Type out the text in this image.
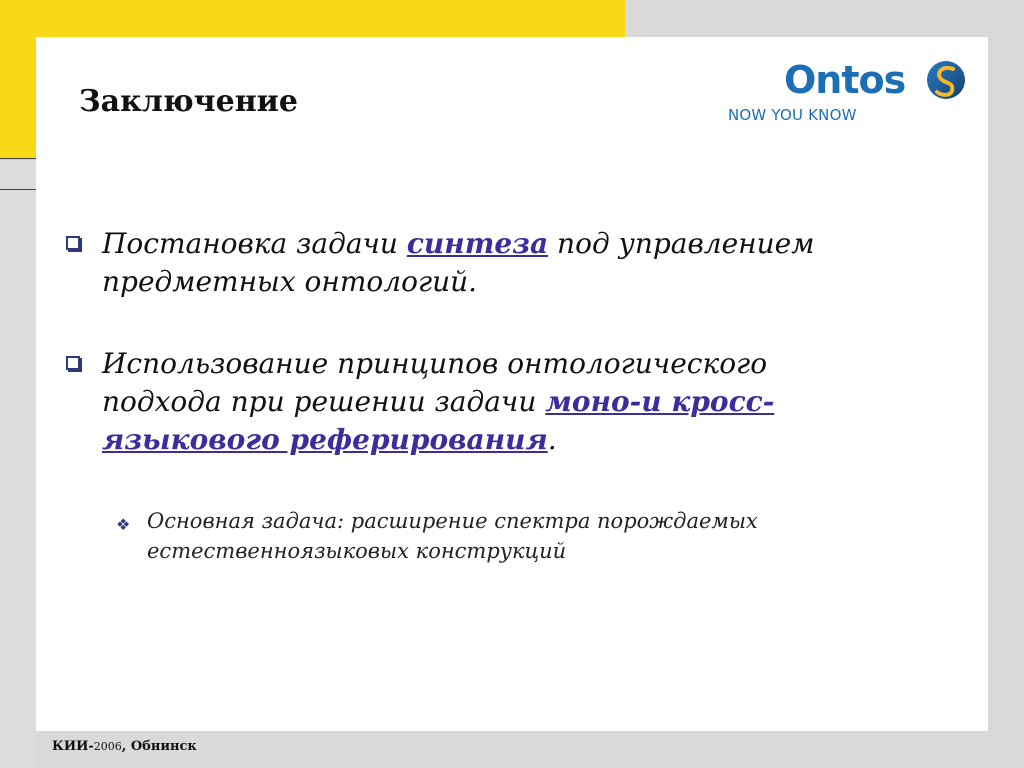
Заключение	Ontos
NOW YOU KNOW
Постановка задачи синтеза под управлением предметных онтологий.
Использование принципов онтологического подхода при решении задачи моно-и кросс-языкового реферирования.
❖ Основная задача: расширение спектра порождаемых естественноязыковых конструкций
КИИ-2006, Обнинск
